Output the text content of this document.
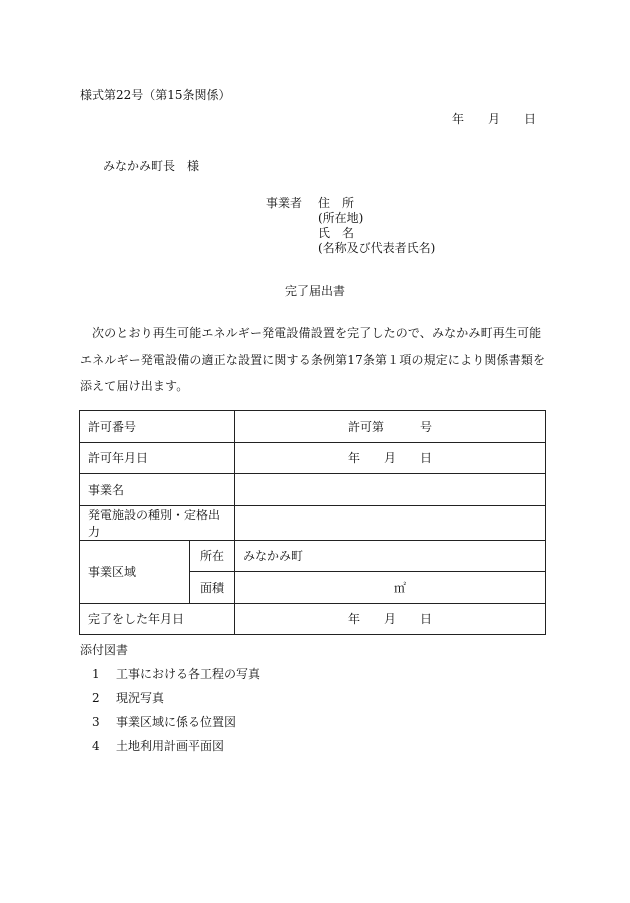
様式第22号（第15条関係）
年 月 日
みなかみ町長　様
事業者	住　所
(所在地)
氏　名
(名称及び代表者氏名)
完了届出書
次のとおり再生可能エネルギー発電設備設置を完了したので、みなかみ町再生可能エネルギー発電設備の適正な設置に関する条例第17条第１項の規定により関係書類を添えて届け出ます。
許可番号		許可第 号
許可年月日		年 月 日
事業名		
発電施設の種別・定格出力		
事業区域	所在	みなかみ町
	面積	㎡
完了をした年月日		年 月 日
添付図書
1 工事における各工程の写真
2 現況写真
3 事業区域に係る位置図
4 土地利用計画平面図
